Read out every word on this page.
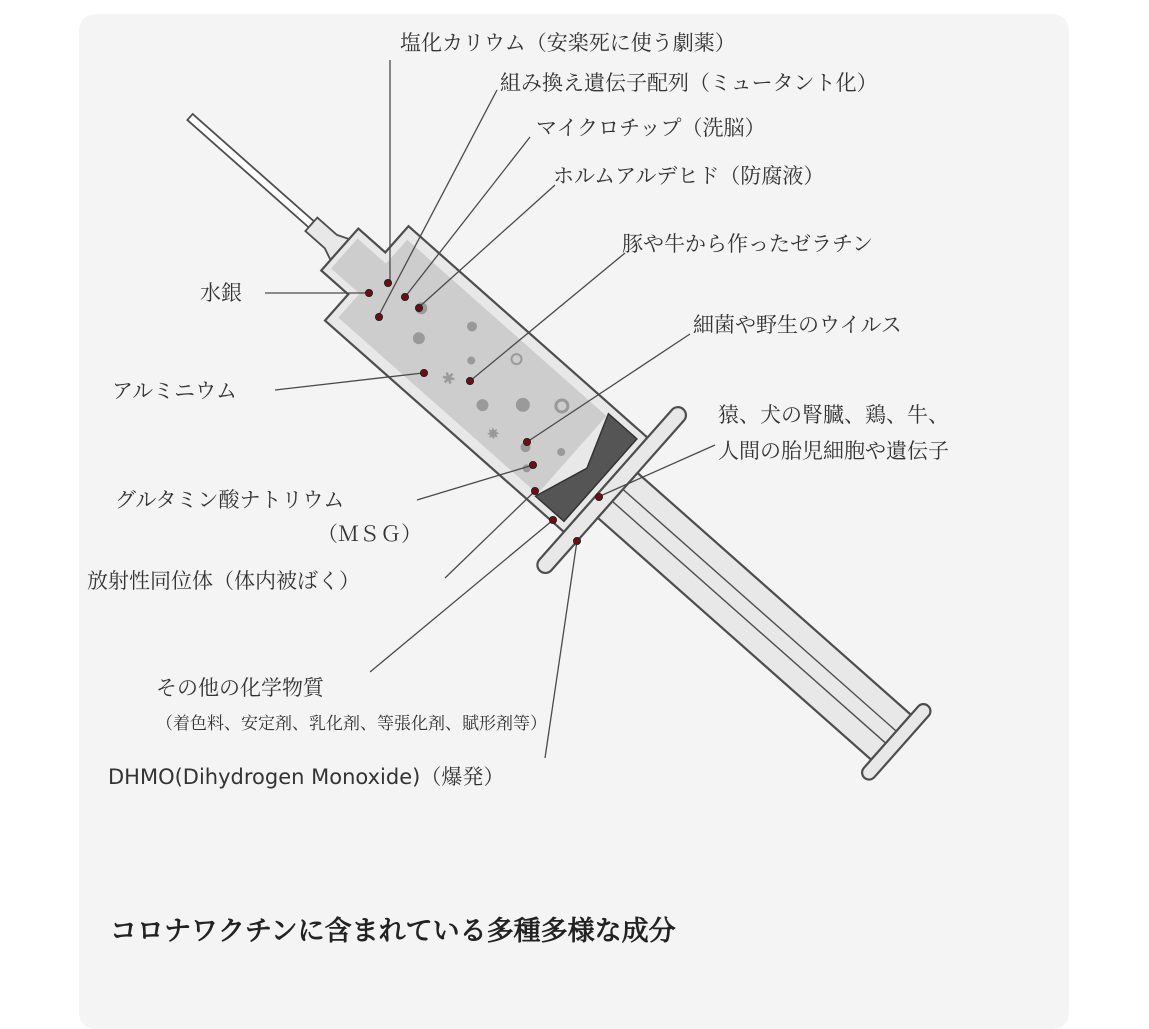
✱
✸
塩化カリウム（安楽死に使う劇薬）
組み換え遺伝子配列（ミュータント化）
マイクロチップ（洗脳）
ホルムアルデヒド（防腐液）
豚や牛から作ったゼラチン
細菌や野生のウイルス
猿、犬の腎臓、鶏、牛、
人間の胎児細胞や遺伝子
水銀
アルミニウム
グルタミン酸ナトリウム
（ＭＳＧ）
放射性同位体（体内被ばく）
その他の化学物質
（着色料、安定剤、乳化剤、等張化剤、賦形剤等）
DHMO(Dihydrogen Monoxide)（爆発）
コロナワクチンに含まれている多種多様な成分
